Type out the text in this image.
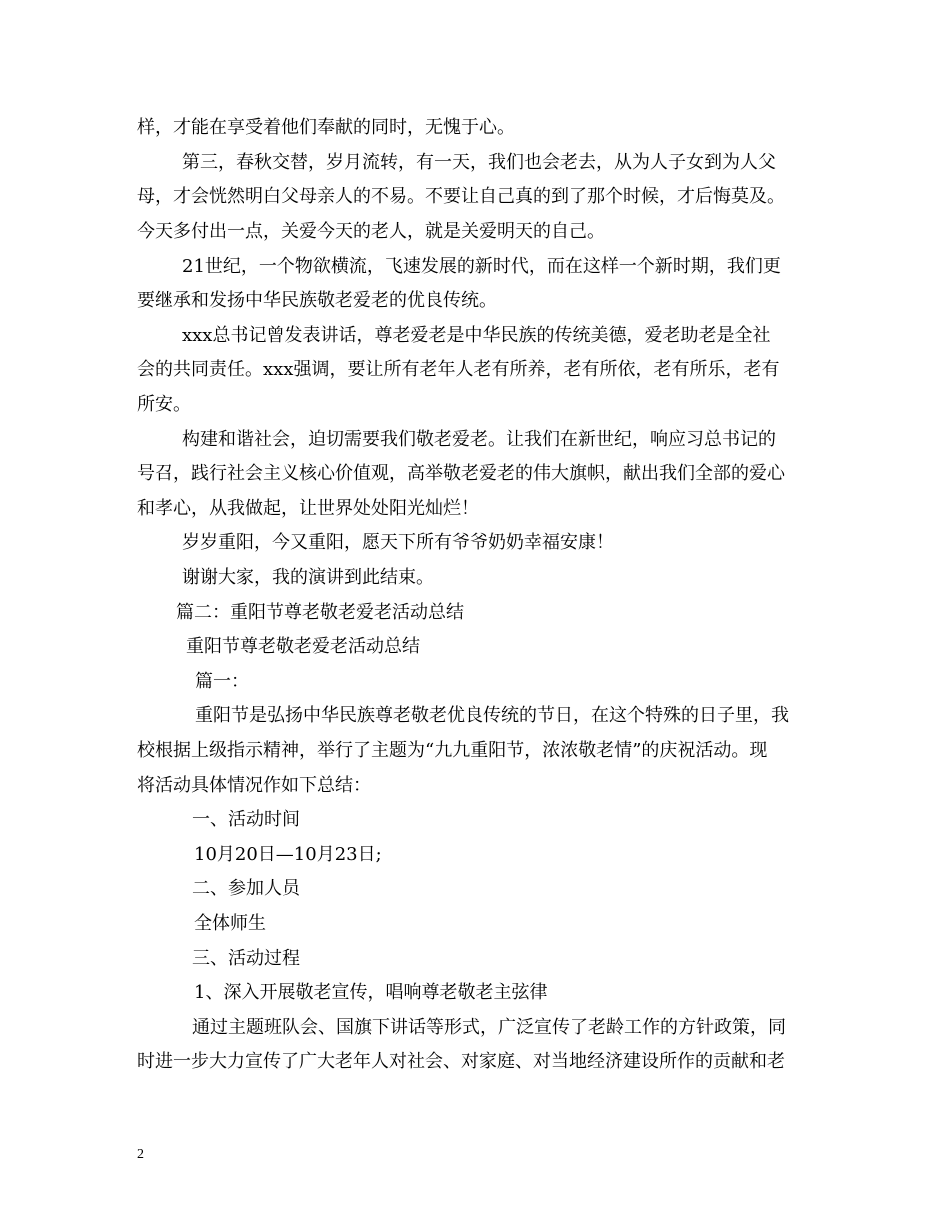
样，才能在享受着他们奉献的同时，无愧于心。
第三，春秋交替，岁月流转，有一天，我们也会老去，从为人子女到为人父
母，才会恍然明白父母亲人的不易。不要让自己真的到了那个时候，才后悔莫及。
今天多付出一点，关爱今天的老人，就是关爱明天的自己。
21世纪，一个物欲横流，飞速发展的新时代，而在这样一个新时期，我们更
要继承和发扬中华民族敬老爱老的优良传统。
xxx总书记曾发表讲话，尊老爱老是中华民族的传统美德，爱老助老是全社
会的共同责任。xxx强调，要让所有老年人老有所养，老有所依，老有所乐，老有
所安。
构建和谐社会，迫切需要我们敬老爱老。让我们在新世纪，响应习总书记的
号召，践行社会主义核心价值观，高举敬老爱老的伟大旗帜，献出我们全部的爱心
和孝心，从我做起，让世界处处阳光灿烂！
岁岁重阳，今又重阳，愿天下所有爷爷奶奶幸福安康！
谢谢大家，我的演讲到此结束。
篇二：重阳节尊老敬老爱老活动总结
重阳节尊老敬老爱老活动总结
篇一：
重阳节是弘扬中华民族尊老敬老优良传统的节日，在这个特殊的日子里，我
校根据上级指示精神，举行了主题为“九九重阳节，浓浓敬老情”的庆祝活动。现
将活动具体情况作如下总结：
一、活动时间
10月20日—10月23日;
二、参加人员
全体师生
三、活动过程
1、深入开展敬老宣传，唱响尊老敬老主弦律
通过主题班队会、国旗下讲话等形式，广泛宣传了老龄工作的方针政策，同
时进一步大力宣传了广大老年人对社会、对家庭、对当地经济建设所作的贡献和老
2
